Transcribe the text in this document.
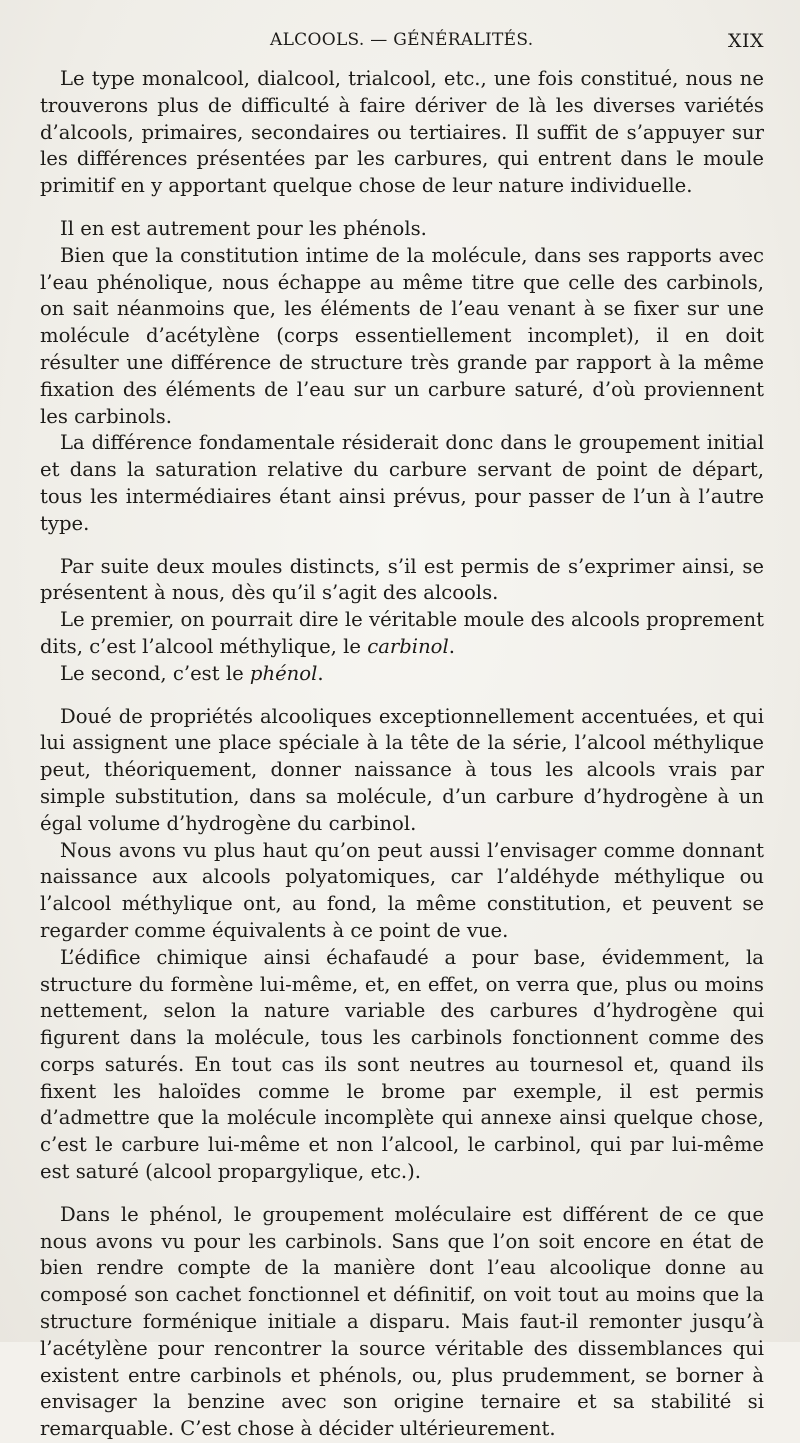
ALCOOLS. — GÉNÉRALITÉS.	XIX

Le type monalcool, dialcool, trialcool, etc., une fois constitué, nous ne trouverons plus de difficulté à faire dériver de là les diverses variétés d’alcools, primaires, secondaires ou tertiaires. Il suffit de s’appuyer sur les différences présentées par les carbures, qui entrent dans le moule primitif en y apportant quelque chose de leur nature individuelle.

Il en est autrement pour les phénols.

Bien que la constitution intime de la molécule, dans ses rapports avec l’eau phénolique, nous échappe au même titre que celle des carbinols, on sait néanmoins que, les éléments de l’eau venant à se fixer sur une molécule d’acétylène (corps essentiellement incomplet), il en doit résulter une différence de structure très grande par rapport à la même fixation des éléments de l’eau sur un carbure saturé, d’où proviennent les carbinols.

La différence fondamentale résiderait donc dans le groupement initial et dans la saturation relative du carbure servant de point de départ, tous les intermédiaires étant ainsi prévus, pour passer de l’un à l’autre type.

Par suite deux moules distincts, s’il est permis de s’exprimer ainsi, se présentent à nous, dès qu’il s’agit des alcools.

Le premier, on pourrait dire le véritable moule des alcools proprement dits, c’est l’alcool méthylique, le carbinol.

Le second, c’est le phénol.

Doué de propriétés alcooliques exceptionnellement accentuées, et qui lui assignent une place spéciale à la tête de la série, l’alcool méthylique peut, théoriquement, donner naissance à tous les alcools vrais par simple substitution, dans sa molécule, d’un carbure d’hydrogène à un égal volume d’hydrogène du carbinol.

Nous avons vu plus haut qu’on peut aussi l’envisager comme donnant naissance aux alcools polyatomiques, car l’aldéhyde méthylique ou l’alcool méthylique ont, au fond, la même constitution, et peuvent se regarder comme équivalents à ce point de vue.

L’édifice chimique ainsi échafaudé a pour base, évidemment, la structure du formène lui-même, et, en effet, on verra que, plus ou moins nettement, selon la nature variable des carbures d’hydrogène qui figurent dans la molécule, tous les carbinols fonctionnent comme des corps saturés. En tout cas ils sont neutres au tournesol et, quand ils fixent les haloïdes comme le brome par exemple, il est permis d’admettre que la molécule incomplète qui annexe ainsi quelque chose, c’est le carbure lui-même et non l’alcool, le carbinol, qui par lui-même est saturé (alcool propargylique, etc.).

Dans le phénol, le groupement moléculaire est différent de ce que nous avons vu pour les carbinols. Sans que l’on soit encore en état de bien rendre compte de la manière dont l’eau alcoolique donne au composé son cachet fonctionnel et définitif, on voit tout au moins que la structure forménique initiale a disparu. Mais faut-il remonter jusqu’à l’acétylène pour rencontrer la source véritable des dissemblances qui existent entre carbinols et phénols, ou, plus prudemment, se borner à envisager la benzine avec son origine ternaire et sa stabilité si remarquable. C’est chose à décider ultérieurement.
